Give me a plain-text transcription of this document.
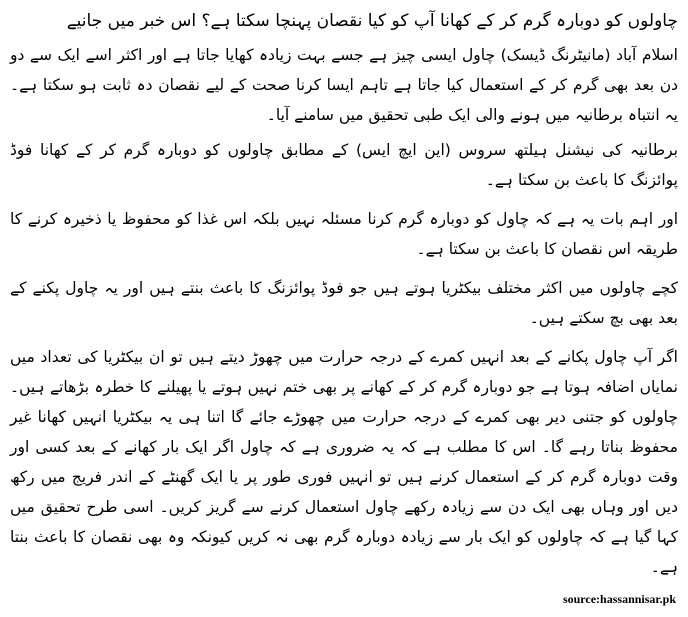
چاولوں کو دوبارہ گرم کر کے کھانا آپ کو کیا نقصان پہنچا سکتا ہے؟ اس خبر میں جانیے

اسلام آباد (مانیٹرنگ ڈیسک) چاول ایسی چیز ہے جسے بہت زیادہ کھایا جاتا ہے اور اکثر اسے ایک سے دو دن بعد بھی گرم کر کے استعمال کیا جاتا ہے تاہم ایسا کرنا صحت کے لیے نقصان دہ ثابت ہو سکتا ہے۔ یہ انتباہ برطانیہ میں ہونے والی ایک طبی تحقیق میں سامنے آیا۔

برطانیہ کی نیشنل ہیلتھ سروس (این ایچ ایس) کے مطابق چاولوں کو دوبارہ گرم کر کے کھانا فوڈ پوائزنگ کا باعث بن سکتا ہے۔

اور اہم بات یہ ہے کہ چاول کو دوبارہ گرم کرنا مسئلہ نہیں بلکہ اس غذا کو محفوظ یا ذخیرہ کرنے کا طریقہ اس نقصان کا باعث بن سکتا ہے۔

کچے چاولوں میں اکثر مختلف بیکٹریا ہوتے ہیں جو فوڈ پوائزنگ کا باعث بنتے ہیں اور یہ چاول پکنے کے بعد بھی بچ سکتے ہیں۔

اگر آپ چاول پکانے کے بعد انہیں کمرے کے درجہ حرارت میں چھوڑ دیتے ہیں تو ان بیکٹریا کی تعداد میں نمایاں اضافہ ہوتا ہے جو دوبارہ گرم کر کے کھانے پر بھی ختم نہیں ہوتے یا پھیلنے کا خطرہ بڑھاتے ہیں۔ چاولوں کو جتنی دیر بھی کمرے کے درجہ حرارت میں چھوڑے جائے گا اتنا ہی یہ بیکٹریا انہیں کھانا غیر محفوظ بناتا رہے گا۔ اس کا مطلب ہے کہ یہ ضروری ہے کہ چاول اگر ایک بار کھانے کے بعد کسی اور وقت دوبارہ گرم کر کے استعمال کرنے ہیں تو انہیں فوری طور پر یا ایک گھنٹے کے اندر فریج میں رکھ دیں اور وہاں بھی ایک دن سے زیادہ رکھے چاول استعمال کرنے سے گریز کریں۔ اسی طرح تحقیق میں کہا گیا ہے کہ چاولوں کو ایک بار سے زیادہ دوبارہ گرم بھی نہ کریں کیونکہ وہ بھی نقصان کا باعث بنتا ہے۔

source:hassannisar.pk
